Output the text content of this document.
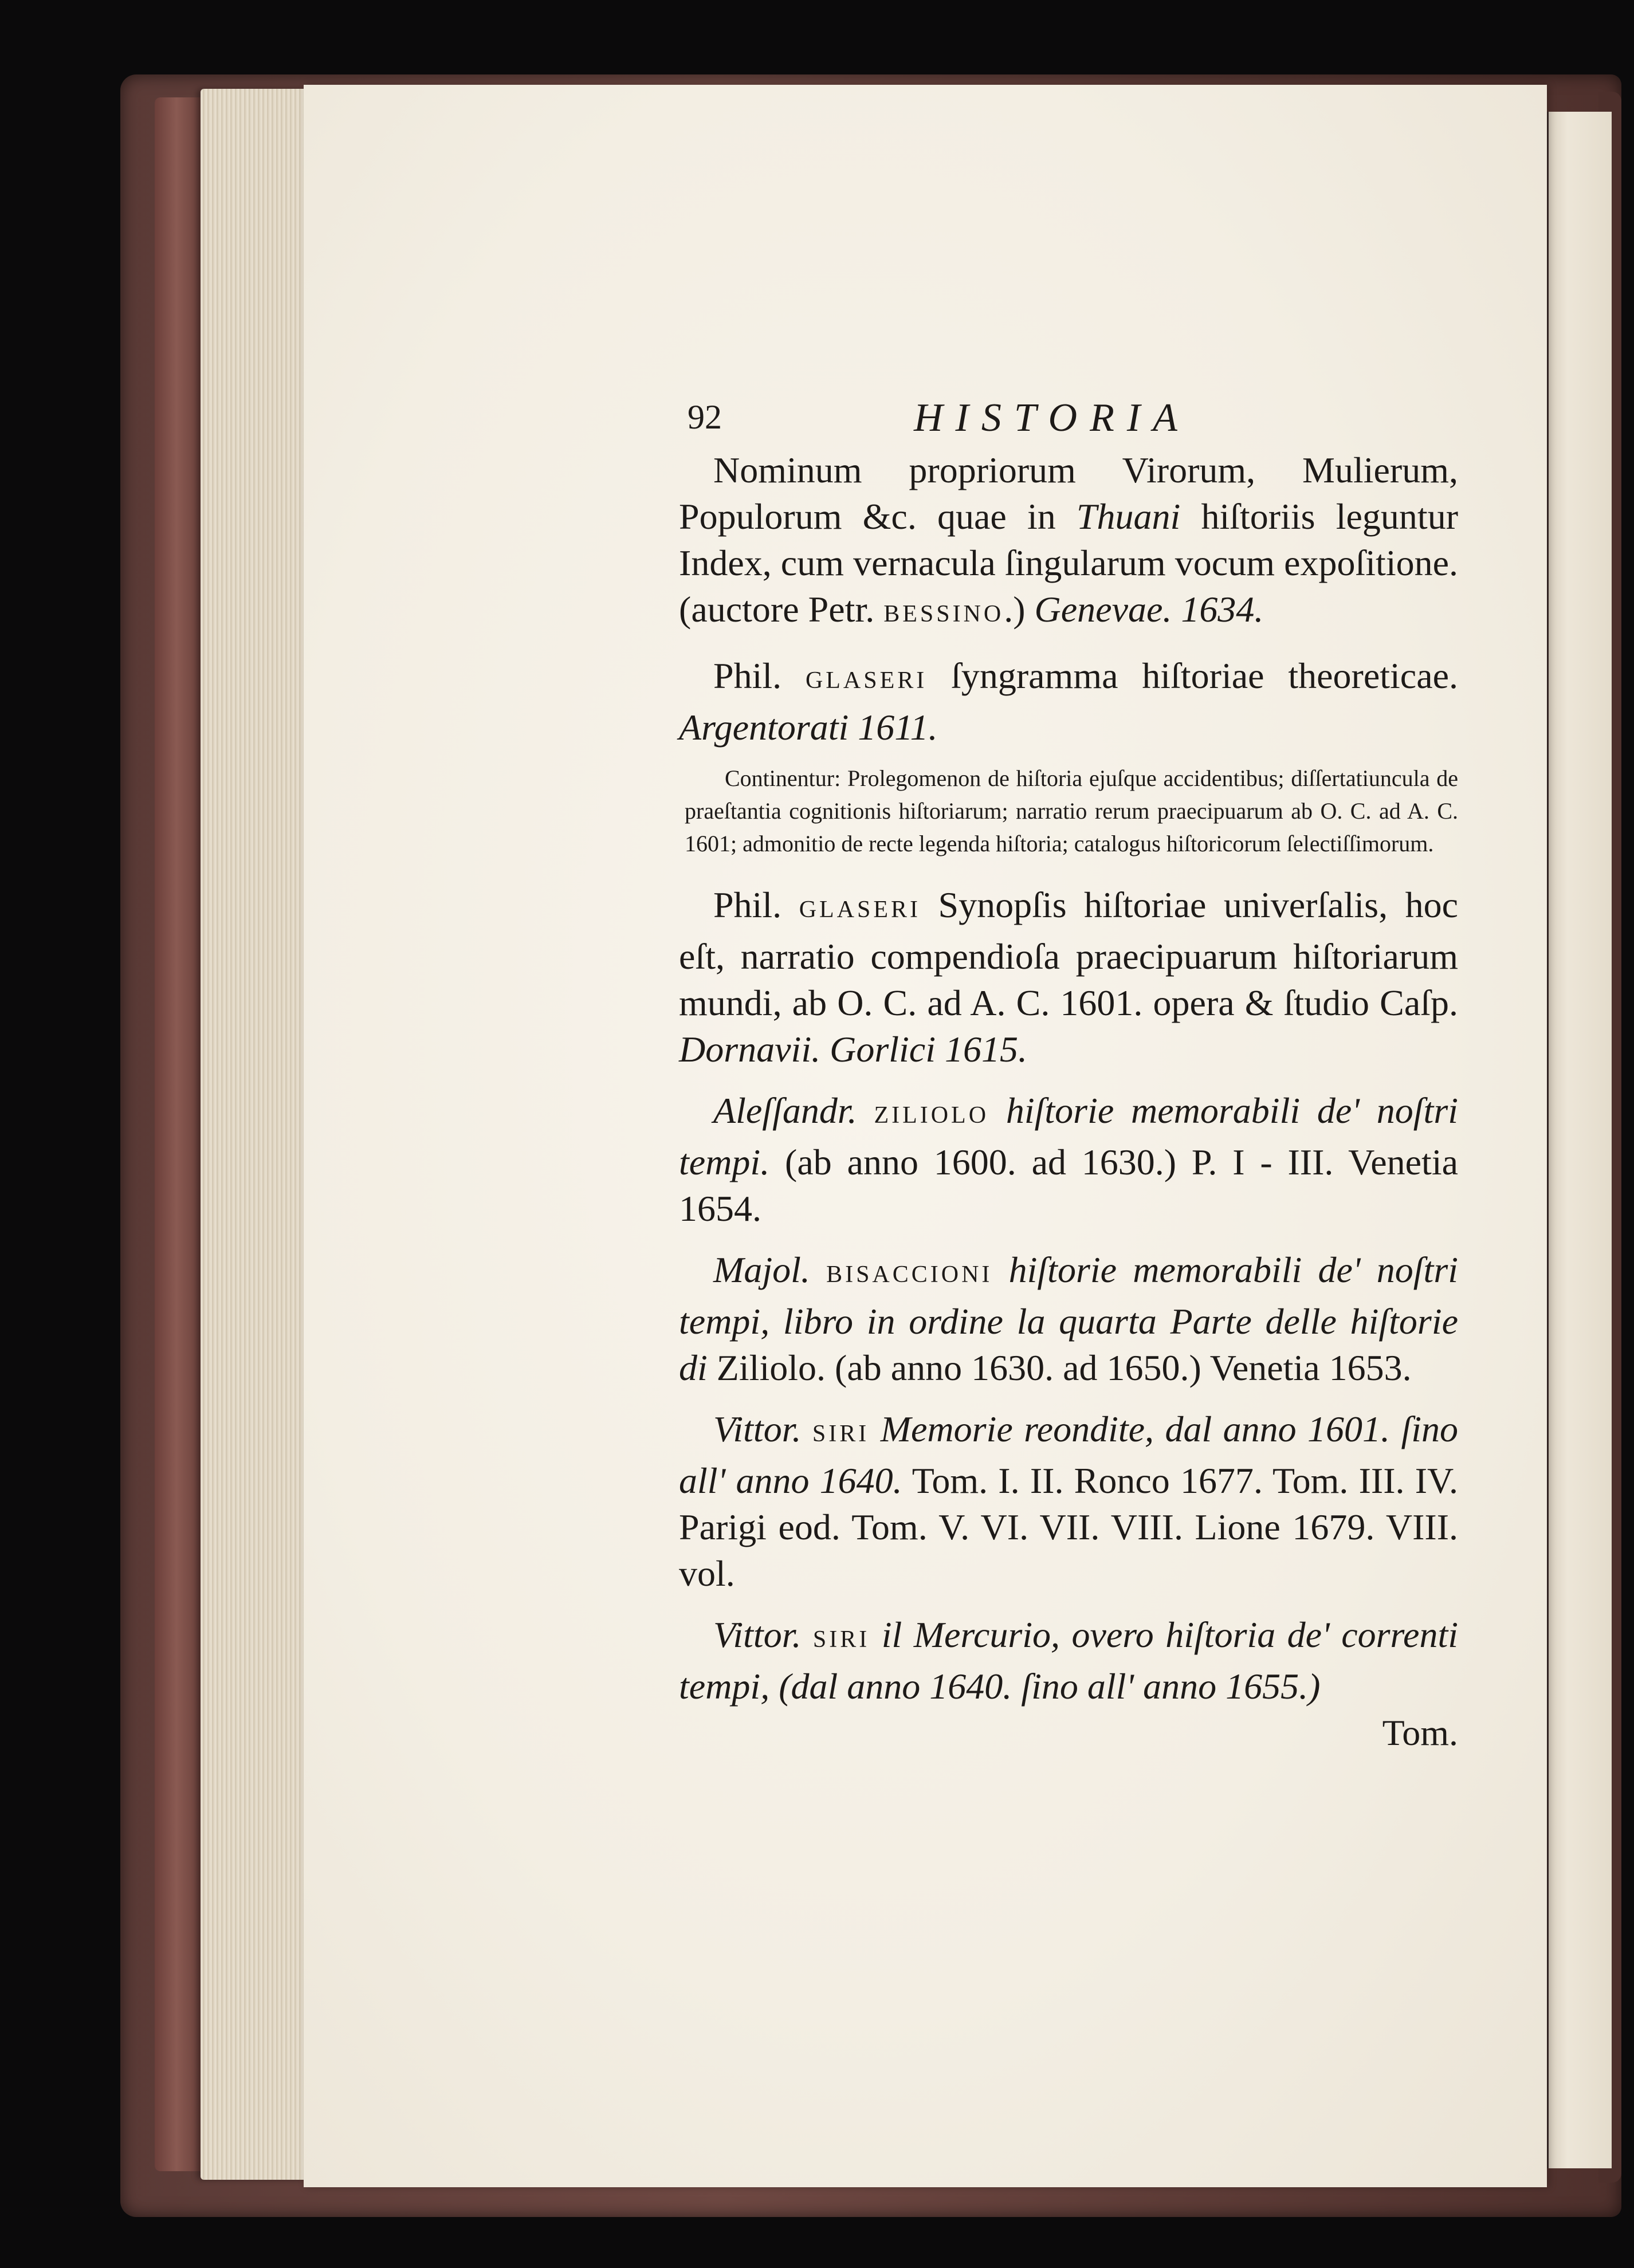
92	HISTORIA

Nominum propriorum Virorum, Mulierum, Populorum &c. quae in Thuani hiſtoriis leguntur Index, cum vernacula ſingularum vocum expoſitione. (auctore Petr. BESSINO.) Genevae. 1634.

Phil. GLASERI ſyngramma hiſtoriae theoreticae. Argentorati 1611.

Continentur: Prolegomenon de hiſtoria ejuſque accidentibus; diſſertatiuncula de praeſtantia cognitionis hiſtoriarum; narratio rerum praecipuarum ab O. C. ad A. C. 1601; admonitio de recte legenda hiſtoria; catalogus hiſtoricorum ſelectiſſimorum.

Phil. GLASERI Synopſis hiſtoriae univerſalis, hoc eſt, narratio compendioſa praecipuarum hiſtoriarum mundi, ab O. C. ad A. C. 1601. opera & ſtudio Caſp. Dornavii. Gorlici 1615.

Aleſſandr. ZILIOLO hiſtorie memorabili de' noſtri tempi. (ab anno 1600. ad 1630.) P. I - III. Venetia 1654.

Majol. BISACCIONI hiſtorie memorabili de' noſtri tempi, libro in ordine la quarta Parte delle hiſtorie di Ziliolo. (ab anno 1630. ad 1650.) Venetia 1653.

Vittor. SIRI Memorie reondite, dal anno 1601. ſino all' anno 1640. Tom. I. II. Ronco 1677. Tom. III. IV. Parigi eod. Tom. V. VI. VII. VIII. Lione 1679. VIII. vol.

Vittor. SIRI il Mercurio, overo hiſtoria de' correnti tempi, (dal anno 1640. ſino all' anno 1655.)

Tom.
